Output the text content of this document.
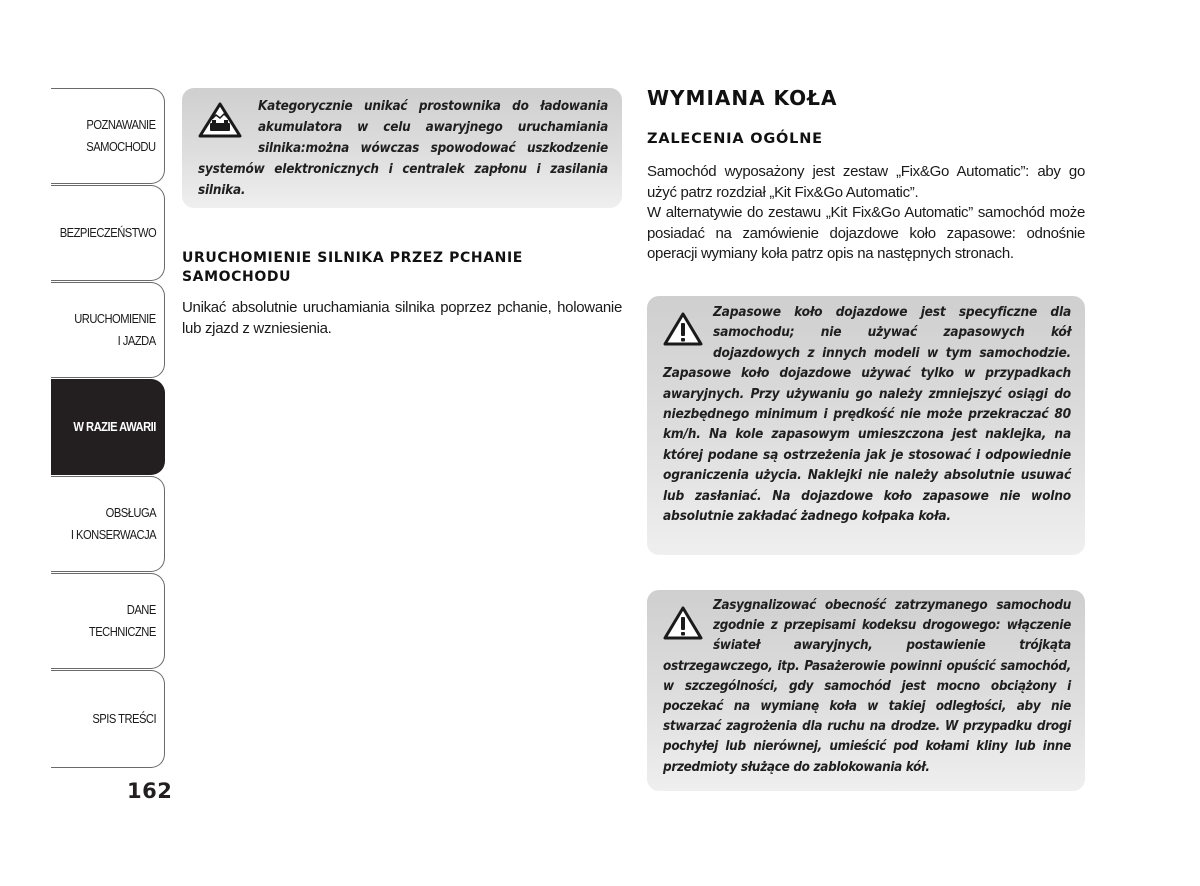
POZNAWANIE
SAMOCHODU
BEZPIECZEŃSTWO
URUCHOMIENIE
I JAZDA
W RAZIE AWARII
OBSŁUGA
I KONSERWACJA
DANE
TECHNICZNE
SPIS TREŚCI
162

Kategorycznie unikać prostownika do ładowania akumulatora w celu awaryjnego uruchamiania silnika:można wówczas spowodować uszkodzenie systemów elektronicznych i centralek zapłonu i zasilania silnika.

URUCHOMIENIE SILNIKA PRZEZ PCHANIE SAMOCHODU

Unikać absolutnie uruchamiania silnika poprzez pchanie, holowanie lub zjazd z wzniesienia.

WYMIANA KOŁA
ZALECENIA OGÓLNE
Samochód wyposażony jest zestaw „Fix&Go Automatic”: aby go użyć patrz rozdział „Kit Fix&Go Automatic”.
W alternatywie do zestawu „Kit Fix&Go Automatic” samochód może posiadać na zamówienie dojazdowe koło zapasowe: odnośnie operacji wymiany koła patrz opis na następnych stronach.

Zapasowe koło dojazdowe jest specyficzne dla samochodu; nie używać zapasowych kół dojazdowych z innych modeli w tym samochodzie. Zapasowe koło dojazdowe używać tylko w przypadkach awaryjnych. Przy używaniu go należy zmniejszyć osiągi do niezbędnego minimum i prędkość nie może przekraczać 80 km/h. Na kole zapasowym umieszczona jest naklejka, na której podane są ostrzeżenia jak je stosować i odpowiednie ograniczenia użycia. Naklejki nie należy absolutnie usuwać lub zasłaniać. Na dojazdowe koło zapasowe nie wolno absolutnie zakładać żadnego kołpaka koła.

Zasygnalizować obecność zatrzymanego samochodu zgodnie z przepisami kodeksu drogowego: włączenie świateł awaryjnych, postawienie trójkąta ostrzegawczego, itp. Pasażerowie powinni opuścić samochód, w szczególności, gdy samochód jest mocno obciążony i poczekać na wymianę koła w takiej odległości, aby nie stwarzać zagrożenia dla ruchu na drodze. W przypadku drogi pochyłej lub nierównej, umieścić pod kołami kliny lub inne przedmioty służące do zablokowania kół.
